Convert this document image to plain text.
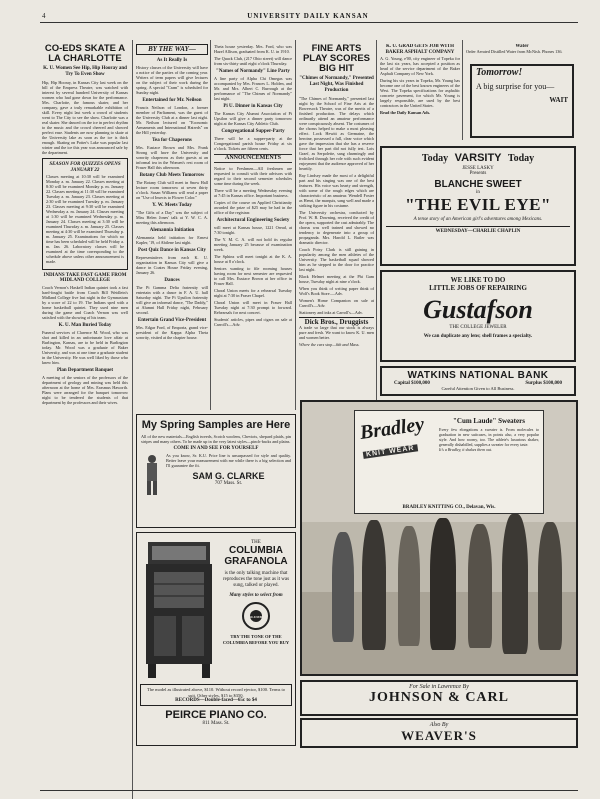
4	UNIVERSITY DAILY KANSAN
CO-EDS SKATE A LA CHARLOTTE
K. U. Women See Hip, Hip Hooray and Try To Even Show

Hip, Hip Hooray, in Kansas City last week on the bill of the Empress Theatre, was watched with interest by several hundred University of Kansas women who had gone down for the performance. Mrs. Charlotte, the famous skater, and her company, gave a truly remarkable exhibition of skill. Every night last week a crowd of students went to The City to see the show. Charlotte was a real skater. She danced on the ice in perfect rhythm to the music and the crowd cheered and showed perfect ease. Students are now planning to skate at the University lake as soon as the ice is thick enough. Skating on Potter's Lake was popular last winter and the ice this year was announced safe by the department.

SEASON FOR QUIZZES OPENS JANUARY 22

Classes meeting at 10:30 will be examined Monday a. m. January 22. Classes meeting at 8:30 will be examined Monday p. m. January 22. Classes meeting at 11:30 will be examined Tuesday a. m. January 23. Classes meeting at 2:30 will be examined Tuesday p. m. January 23. Classes meeting at 9:30 will be examined Wednesday a. m. January 24. Classes meeting at 1:30 will be examined Wednesday p. m. January 24. Classes meeting at 3:30 will be examined Thursday a. m. January 25. Classes meeting at 4:30 will be examined Thursday p. m. January 25. Examinations for which no time has been scheduled will be held Friday a. m. Jan. 26. Laboratory classes will be examined at the time corresponding to the schedule above unless other announcement is made.

INDIANS TAKE FAST GAME FROM MIDLAND COLLEGE

Coach Vernon's Haskell Indian quintet took a fast hard-fought battle from Coach Bill Weidlein's Midland College five last night in the Gymnasium by a score of 22 to 19. The Indians sped with a home basketball quintet. They used nine men during the game and Coach Vernon was well satisfied with the showing of his team.

K. U. Man Buried Today

Funeral services of Clarence M. Wood, who was shot and killed in an unfortunate love affair at Burlington, Kansas, are to be held in Burlington today. Mr. Wood was a graduate of Baker University, and was at one time a graduate student in the University. He was well liked by those who knew him.

Plan Department Banquet

A meeting of the seniors of the professors of the department of geology and mining was held this afternoon at the home of Mrs. Erasmus Haworth. Plans were arranged for the banquet tomorrow night to be tendered the students of that department by the professors and their wives.

BY THE WAY—
As It Really Is

History classes of the University will have a notice of the parties of the coming year. Writers of term papers will give lectures on the subject of their work during the spring. A special "Cram" is scheduled for Sunday night.

Entertained for Mr. Neilson

Francis Neilson of London, a former member of Parliament, was the guest of the University Club at a dinner last night. Mr. Neilson lectured on "Economic Armaments and International Hatreds" on the Hill yesterday.

Tea for Chaperons

Mrs. Eustace Brown and Mrs. Frank Strong will have the University and sorority chaperons as their guests at an informal tea in the Women's rest room of Fraser Hall this afternoon.

Botany Club Meets Tomorrow

The Botany Club will meet in Snow Hall lecture room tomorrow at seven thirty o'clock. Susan Williams will read a paper on "Use of Insects to Flower Color."

Y. W. Meets Today

"The Gifts of a Day" was the subject of Miss Helen Jones' talk at Y. W. C. A. meeting this afternoon.

Alemannia Initiation

Alemannia held initiation for Ernest Kapler, '19, of Abilene last night.

Post Quiz Dance in Kansas City

Representatives from each K. U. organization in Kansas City will give a dance in Coates House Friday evening, January 26.

Dances

The Pi Gamma Delta fraternity will entertain with a dance in F. A. U. hall Saturday night. The Pi Upsilon fraternity will give an informal dance, "The Daddy," at Alumni Hall Friday night, February second.

Entertain Grand Vice-President

Mrs. Edgar Ford, of Emporia, grand vice-president of the Kappa Alpha Theta sorority, visited at the chapter house.

Theta house yesterday. Mrs. Ford, who was Hazel Allison, graduated from K. U. in 1910.

The Quack Club, (217 Ohio street) will dance from six-thirty until eight o'clock Thursday.

"Names of Normandy" Line Party

A line party of Alpha Chi Omegas was accompanied by Mrs. Frances L. Holden, and Mr. and Mrs. Albert C. Burrough at the performance of "The Chimes of Normandy" last night.

Pi U. Dinner in Kansas City

The Kansas City Alumni Association of Pi Upsilon will give a dinner party tomorrow night at the Kansas City Athletic Club.

Congregational Supper-Party

There will be a supper-party at the Congregational parish house Friday at six o'clock. Tickets are fifteen cents.

ANNOUNCEMENTS

Notice to Freshmen—All freshmen are requested to consult with their advisors with regard to their second semester schedules some time during the week.

There will be a meeting Wednesday evening at 7:45 in Kansas office. Important business.

Copies of the course on Applied Christianity awarded the prize of $25 may be had in the office of the registrar.

Architectural Engineering Society

will meet at Kansas house, 1221 Oread, at 7:30 tonight.

The Y. M. C. A. will not hold its regular meeting January 25 because of examination week.

The Sphinx will meet tonight at the K. A. house at 8 o'clock.

Seniors wanting to file rooming houses having room for next semester are requested to call Mrs. Eustace Brown at her office in Fraser Hall.

Choral Union meets for a rehearsal Tuesday night at 7:30 in Fraser Chapel.

Choral Union will meet in Fraser Hall Tuesday night at 7:30 prompt to forward. Rehearsals for next concert.

Students' articles, pipes and cigars on sale at Carroll's—Adv.

FINE ARTS PLAY SCORES BIG HIT
"Chimes of Normandy," Presented Last Night, Was Finished Production

"The Chimes of Normandy," presented last night by the School of Fine Arts at the Bowersock Theatre, was of the merits of a finished production. The delays which ordinarily attend an amateur performance were conspicuously absent. The costumes of the chorus helped to make a most pleasing effect. Lock Hewitt as Germaine, the heroine, possessed a full, clear voice which gave the impression that she has a reserve force that her part did not fully test. Lois Graef, as Serpolette, sang charmingly and frolicked through her role with such evident enjoyment that the audience approved of her heartily.

Ray Lindsey made the most of a delightful part and his singing was one of the best features. His voice was hearty and strength, with some of the rough edges which are characteristic of an amateur. Wendell Foster as Henri, the marquis, sang well and made a striking figure in his costume.

The University orchestra, conducted by Prof. W. B. Downing, received the credit of the opera, supported the cast admirably. The chorus was well trained and showed no tendency to degenerate into a group of propaganda. Mrs. Harold L. Butler was dramatic director.

Coach Potsy Clark is still gaining in popularity among the men athletes of the University. The basketball squad showed him as he stepped to the door for practice last night.

Black Helmet meeting at the Phi Gam house, Tuesday night at nine o'clock.

When you think of writing paper think of Wolf's Book Store.—Adv.

Women's Home Companion on sale at Carroll's—Adv.

Stationery and inks at Carroll's—Adv.

Dick Bros., Druggists

A trade so large that our stock is always pure and fresh. We want to know K. U. men and women better.

Where the cars stop—6th and Mass.

K. U. GRAD GETS JOB WITH BAKER ASPHALT COMPANY

A. G. Young, e'00, city engineer of Topeka for the last six years, has accepted a position as head of the service department of the Baker Asphalt Company of New York.

During his six years in Topeka, Mr. Young has become one of the best known engineers of the West. The Topeka specifications for asphaltic concrete pavement, for which Mr. Young is largely responsible, are used by the best contractors in the United States.

Read the Daily Kansan Ads.

Water

Order Aerated Distilled Water from McNish. Phones 136.

Tomorrow!
A big surprise for you—
WAIT
Today VARSITY Today
JESSE LASKY
Presents
BLANCHE SWEET
in
"THE EVIL EYE"
A tense story of an American girl's adventures among Mexicans.
WEDNESDAY—CHARLIE CHAPLIN
WE LIKE TO DO
LITTLE JOBS OF REPAIRING
Gustafson
THE COLLEGE JEWELER
We can duplicate any lens; shell frames a specialty.
WATKINS NATIONAL BANK
Capital $100,000	Surplus $100,000
Careful Attention Given to All Business.
My Spring Samples are Here

All of the new materials—English tweeds, Scotch woolens, Cheviots, shepard plaids, pin stripes and many others. To be made up in the very latest styles—pinch-backs and plains.

COME IN AND SEE FOR YOURSELF

As you know, Sr. K.U. Price line is unsurpassed for style and quality. Better leave your measurement with me while there is a big selection and I'll guarantee the fit.

SAM G. CLARKE
707 Mass. St.
THE
COLUMBIA
GRAFANOLA

is the only talking machine that reproduces the tone just as it was sung, talked or played.

Many styles to select from
COLUMBIA
TRY THE TONE OF THE COLUMBIA BEFORE YOU BUY
The model as illustrated above, $110. Without record ejector, $100. Terms to suit. Other styles, $15 to $350.
RECORDS—Double-faced—65c to $4
PEIRCE PIANO CO.
811 Mass. St.
Bradley
KNIT WEAR
"Cum Laude" Sweaters

Every few elongations a sweater is. From molecules to graduation in new suitcases, in points also, a very popular style. And how roomy, too. The athlete's luxurious shaker, generally dishabilled, supplies a sweater for every taste.

It's a Bradley, it shakes them out.

BRADLEY KNITTING CO., Delavan, Wis.
For Sale in Lawrence By
JOHNSON & CARL
Also By
WEAVER'S
